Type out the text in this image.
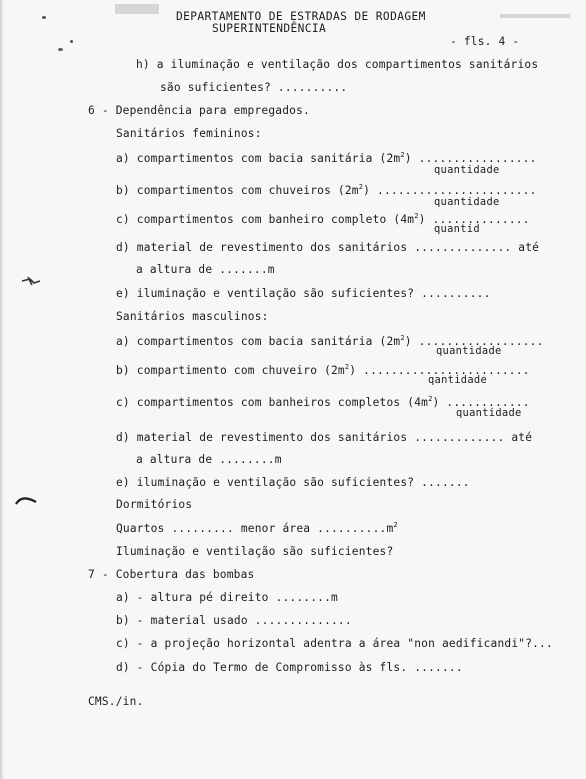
DEPARTAMENTO DE ESTRADAS DE RODAGEM
SUPERINTENDÊNCIA
- fls. 4 -
h) a iluminação e ventilação dos compartimentos sanitários
são suficientes? ..........
6 - Dependência para empregados.
Sanitários femininos:
a) compartimentos com bacia sanitária $(2m^2)$ .................
quantidade
b) compartimentos com chuveiros $(2m^2)$ .......................
quantidade
c) compartimentos com banheiro completo $(4m^2)$ ..............
quantid
d) material de revestimento dos sanitários .............. até
a altura de .......m
e) iluminação e ventilação são suficientes? ..........
Sanitários masculinos:
a) compartimentos com bacia sanitária $(2m^2)$ ..................
quantidade
b) compartimento com chuveiro $(2m^2)$ ........................
qantidade
c) compartimentos com banheiros completos $(4m^2)$ ............
quantidade
d) material de revestimento dos sanitários ............. até
a altura de ........m
e) iluminação e ventilação são suficientes? .......
Dormitórios
Quartos ......... menor área $..........m^2$
Iluminação e ventilação são suficientes?
7 - Cobertura das bombas
a) - altura pé direito ........m
b) - material usado ..............
c) - a projeção horizontal adentra a área "non aedificandi"?...
d) - Cópia do Termo de Compromisso às fls. .......
CMS./in.
